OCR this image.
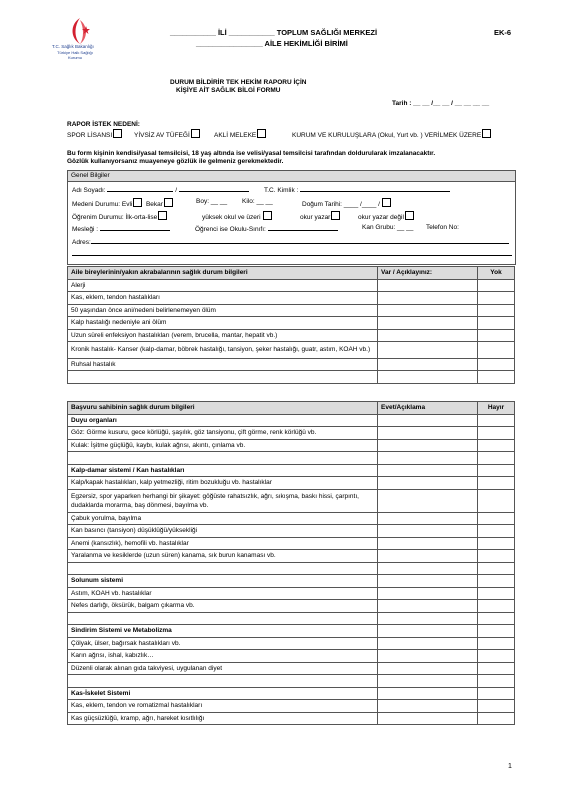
T.C. Sağlık Bakanlığı
Türkiye Halk Sağlığı Kurumu
___________ İLİ ___________ TOPLUM SAĞLIĞI MERKEZİ
________________ AİLE HEKİMLİĞİ BİRİMİ
EK-6
DURUM BİLDİRİR TEK HEKİM RAPORU İÇİN
KİŞİYE AİT SAĞLIK BİLGİ FORMU
Tarih : __ __ /__ __ / __ __ __ __
RAPOR İSTEK NEDENİ:
SPOR LİSANSI	YİVSİZ AV TÜFEĞİ	AKLİ MELEKE	KURUM VE KURULUŞLARA (Okul, Yurt vb. ) VERİLMEK ÜZERE
Bu form kişinin kendisi/yasal temsilcisi, 18 yaş altında ise velisi/yasal temsilcisi tarafından doldurularak imzalanacaktır.
Gözlük kullanıyorsanız muayeneye gözlük ile gelmeniz gerekmektedir.
Genel Bilgiler
Adı Soyadı:	/	T.C. Kimlik :
Medeni Durumu: Evli Bekar	Boy: __ __ Kilo: __ __	Doğum Tarihi: ____ /____ /
Öğrenim Durumu: İlk-orta-lise	yüksek okul ve üzeri	okur yazar	okur yazar değil
Mesleği :	Öğrenci ise Okulu-Sınıfı:	Kan Grubu: __ __ Telefon No:
Adres:
Aile bireylerinin/yakın akrabalarının sağlık durum bilgileri	Var / Açıklayınız:	Yok
Alerji		
Kas, eklem, tendon hastalıkları		
50 yaşından önce ani/nedeni belirlenemeyen ölüm		
Kalp hastalığı nedeniyle ani ölüm		
Uzun süreli enfeksiyon hastalıkları (verem, brucella, mantar, hepatit vb.)		
Kronik hastalık- Kanser (kalp-damar, böbrek hastalığı, tansiyon, şeker hastalığı, guatr, astım, KOAH vb.)		
Ruhsal hastalık		

Başvuru sahibinin sağlık durum bilgileri	Evet/Açıklama	Hayır
Duyu organları		
Göz: Görme kusuru, gece körlüğü, şaşılık, göz tansiyonu, çift görme, renk körlüğü vb.		
Kulak: İşitme güçlüğü, kaybı, kulak ağrısı, akıntı, çınlama vb.		

Kalp-damar sistemi / Kan hastalıkları		
Kalp/kapak hastalıkları, kalp yetmezliği, ritim bozukluğu vb. hastalıklar		
Egzersiz, spor yaparken herhangi bir şikayet: göğüste rahatsızlık, ağrı, sıkışma, baskı hissi, çarpıntı, dudaklarda morarma, baş dönmesi, bayılma vb.		
Çabuk yorulma, bayılma		
Kan basıncı (tansiyon) düşüklüğü/yüksekliği		
Anemi (kansızlık), hemofili vb. hastalıklar		
Yaralanma ve kesiklerde (uzun süren) kanama, sık burun kanaması vb.		

Solunum sistemi		
Astım, KOAH vb. hastalıklar		
Nefes darlığı, öksürük, balgam çıkarma vb.		

Sindirim Sistemi ve Metabolizma		
Çölyak, ülser, bağırsak hastalıkları vb.		
Karın ağrısı, ishal, kabızlık…		
Düzenli olarak alınan gıda takviyesi, uygulanan diyet		

Kas-İskelet Sistemi		
Kas, eklem, tendon ve romatizmal hastalıkları		
Kas güçsüzlüğü, kramp, ağrı, hareket kısıtlılığı		
1
